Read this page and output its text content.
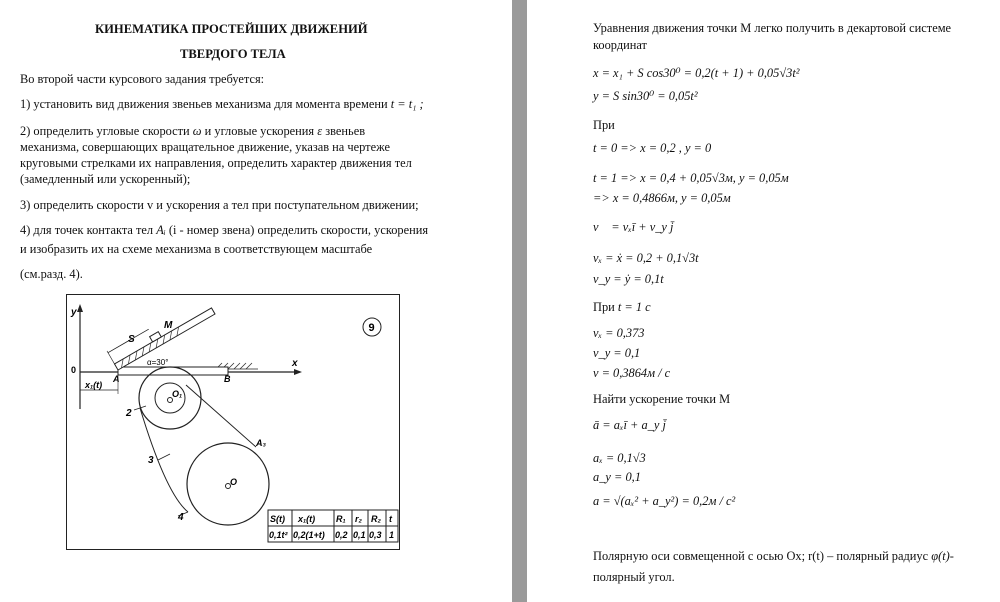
КИНЕМАТИКА ПРОСТЕЙШИХ ДВИЖЕНИЙ
ТВЕРДОГО ТЕЛА
Во второй части курсового задания требуется:
1) установить вид движения звеньев механизма для момента времени t = t₁ ;
2) определить угловые скорости ω и угловые ускорения ε звеньев
механизма, совершающих вращательное движение, указав на чертеже
круговыми стрелками их направления, определить характер движения тел
(замедленный или ускоренный);
3) определить скорости v и ускорения a тел при поступательном движении;
4) для точек контакта тел Aᵢ (i - номер звена) определить скорости, ускорения
и изобразить их на схеме механизма в соответствующем масштабе
(см.разд. 4).
y
x
0
S
M
α=30°
A	B
x₁(t)
O₁
2
O
A₃
3
4
9
S(t) x₁(t) R₁ r₂ R₂ t
0,1t² 0,2(1+t) 0,2 0,1 0,3 1
Уравнения движения точки М легко получить в декартовой системе
координат
x = x₁ + S cos30⁰ = 0,2(t + 1) + 0,05√3t²
y = S sin30⁰ = 0,05t²
При
t = 0 => x = 0,2 , y = 0
t = 1 => x = 0,4 + 0,05√3м, y = 0,05м
=> x = 0,4866м, y = 0,05м
v⃗ = vₓī + v_y j̄
vₓ = ẋ = 0,2 + 0,1√3t
v_y = ẏ = 0,1t
При t = 1 c
vₓ = 0,373
v_y = 0,1
v = 0,3864м / с
Найти ускорение точки М
ā = aₓī + a_y j̄
aₓ = 0,1√3
a_y = 0,1
a = √(aₓ² + a_y²) = 0,2м / с²
Полярную оси совмещенной с осью Ох; r(t) – полярный радиус φ(t)-
полярный угол.
